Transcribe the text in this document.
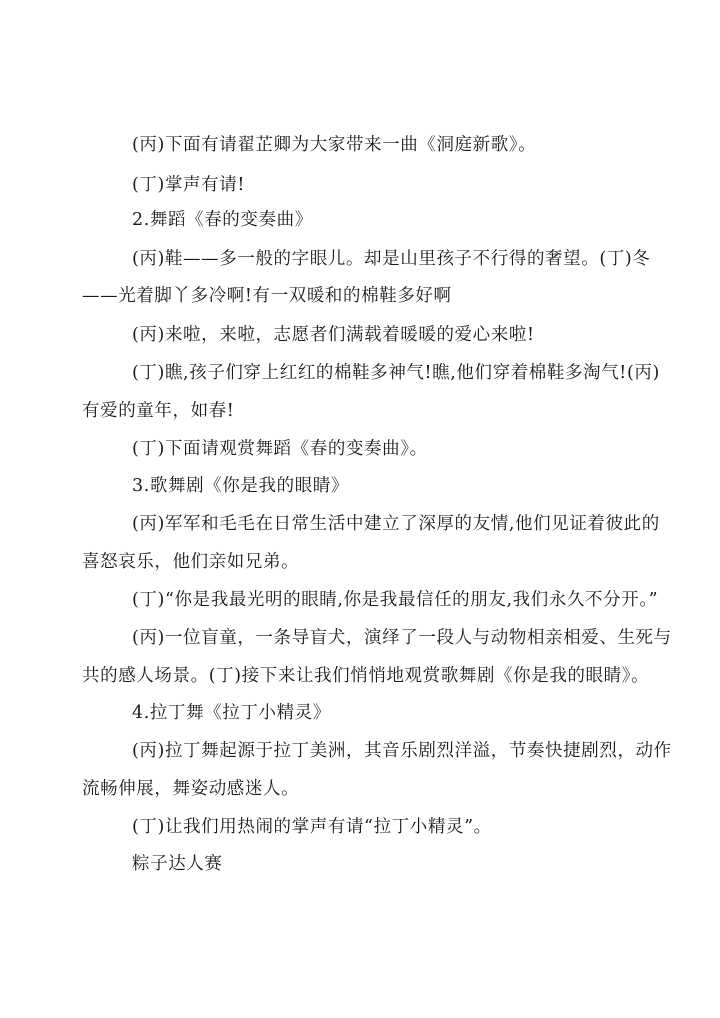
(丙)下面有请翟芷卿为大家带来一曲《洞庭新歌》。
(丁)掌声有请!
2.舞蹈《春的变奏曲》
(丙)鞋——多一般的字眼儿。却是山里孩子不行得的奢望。(丁)冬
——光着脚丫多冷啊!有一双暖和的棉鞋多好啊
(丙)来啦，来啦，志愿者们满载着暖暖的爱心来啦!
(丁)瞧,孩子们穿上红红的棉鞋多神气!瞧,他们穿着棉鞋多淘气!(丙)
有爱的童年，如春!
(丁)下面请观赏舞蹈《春的变奏曲》。
3.歌舞剧《你是我的眼睛》
(丙)军军和毛毛在日常生活中建立了深厚的友情,他们见证着彼此的
喜怒哀乐，他们亲如兄弟。
(丁)“你是我最光明的眼睛,你是我最信任的朋友,我们永久不分开。”
(丙)一位盲童，一条导盲犬，演绎了一段人与动物相亲相爱、生死与
共的感人场景。(丁)接下来让我们悄悄地观赏歌舞剧《你是我的眼睛》。
4.拉丁舞《拉丁小精灵》
(丙)拉丁舞起源于拉丁美洲，其音乐剧烈洋溢，节奏快捷剧烈，动作
流畅伸展，舞姿动感迷人。
(丁)让我们用热闹的掌声有请“拉丁小精灵”。
粽子达人赛
